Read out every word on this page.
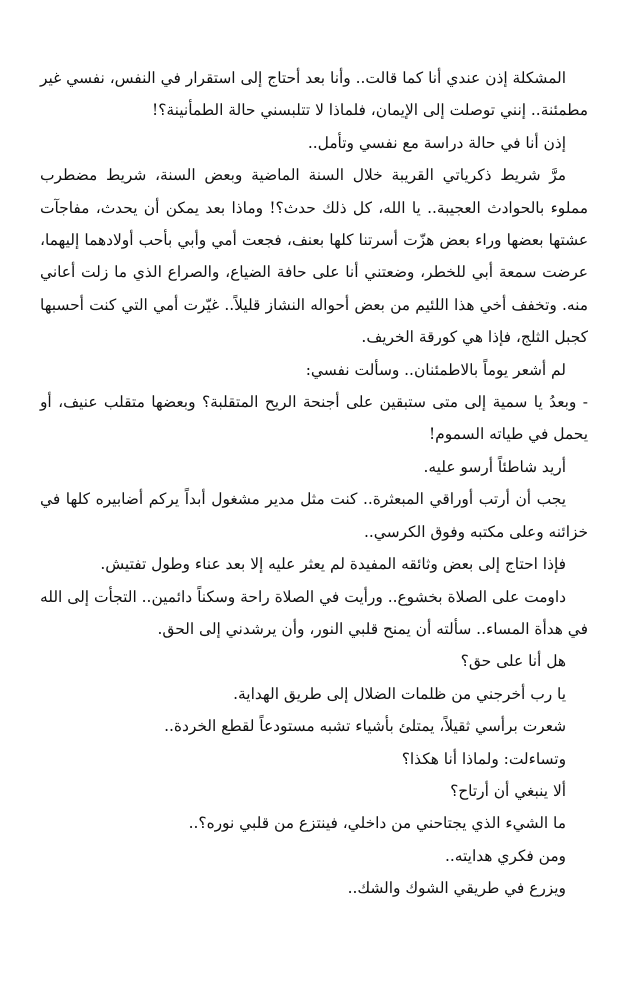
المشكلة إذن عندي أنا كما قالت.. وأنا بعد أحتاج إلى استقرار في النفس، نفسي غير مطمئنة.. إنني توصلت إلى الإيمان، فلماذا لا تتلبسني حالة الطمأنينة؟!

إذن أنا في حالة دراسة مع نفسي وتأمل..

مرَّ شريط ذكرياتي القريبة خلال السنة الماضية وبعض السنة، شريط مضطرب مملوء بالحوادث العجيبة.. يا الله، كل ذلك حدث؟! وماذا بعد يمكن أن يحدث، مفاجآت عشتها بعضها وراء بعض هزّت أسرتنا كلها بعنف، فجعت أمي وأبي بأحب أولادهما إليهما، عرضت سمعة أبي للخطر، وضعتني أنا على حافة الضياع، والصراع الذي ما زلت أعاني منه. وتخفف أخي هذا اللئيم من بعض أحواله النشاز قليلاً.. غيّرت أمي التي كنت أحسبها كجبل الثلج، فإذا هي كورقة الخريف.

لم أشعر يوماً بالاطمئنان.. وسألت نفسي:

- وبعدُ يا سمية إلى متى ستبقين على أجنحة الريح المتقلبة؟ وبعضها متقلب عنيف، أو يحمل في طياته السموم!

أريد شاطئاً أرسو عليه.

يجب أن أرتب أوراقي المبعثرة.. كنت مثل مدير مشغول أبداً يركم أضابيره كلها في خزائنه وعلى مكتبه وفوق الكرسي..

فإذا احتاج إلى بعض وثائقه المفيدة لم يعثر عليه إلا بعد عناء وطول تفتيش.

داومت على الصلاة بخشوع.. ورأيت في الصلاة راحة وسكناً دائمين.. التجأت إلى الله في هدأة المساء.. سألته أن يمنح قلبي النور، وأن يرشدني إلى الحق.

هل أنا على حق؟

يا رب أخرجني من ظلمات الضلال إلى طريق الهداية.

شعرت برأسي ثقيلاً، يمتلئ بأشياء تشبه مستودعاً لقطع الخردة..

وتساءلت: ولماذا أنا هكذا؟

ألا ينبغي أن أرتاح؟

ما الشيء الذي يجتاحني من داخلي، فينتزع من قلبي نوره؟..

ومن فكري هدايته..

ويزرع في طريقي الشوك والشك..
